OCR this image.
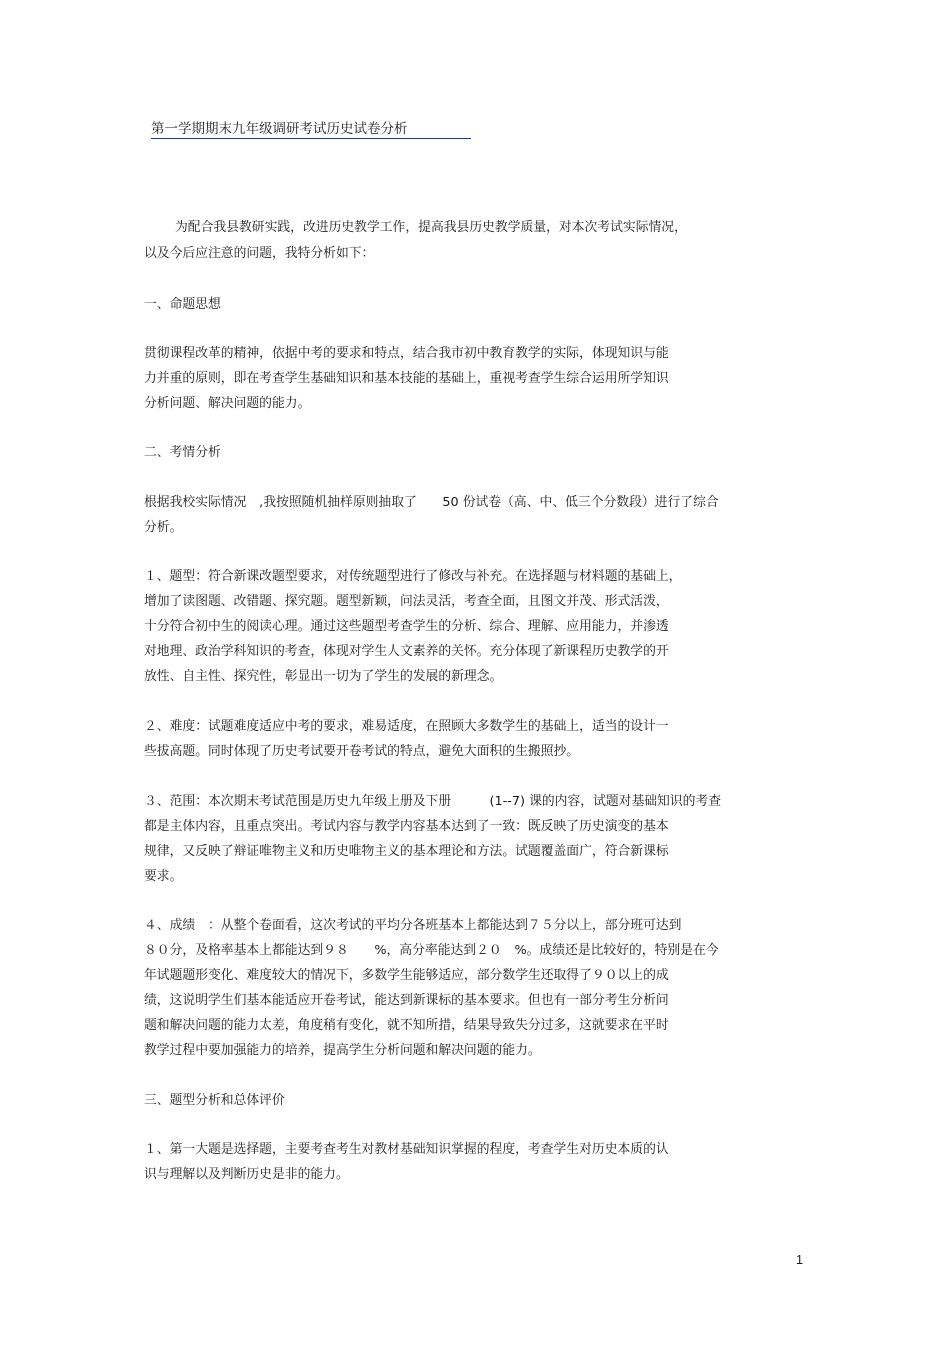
第一学期期末九年级调研考试历史试卷分析
为配合我县教研实践，改进历史教学工作，提高我县历史教学质量，对本次考试实际情况，
以及今后应注意的问题，我特分析如下：
一、命题思想
贯彻课程改革的精神，依据中考的要求和特点，结合我市初中教育教学的实际，体现知识与能
力并重的原则，即在考查学生基础知识和基本技能的基础上，重视考查学生综合运用所学知识
分析问题、解决问题的能力。
二、考情分析
根据我校实际情况　,我按照随机抽样原则抽取了　　50 份试卷（高、中、低三个分数段）进行了综合
分析。
１、题型：符合新课改题型要求，对传统题型进行了修改与补充。在选择题与材料题的基础上，
增加了读图题、改错题、探究题。题型新颖，问法灵活，考查全面，且图文并茂、形式活泼，
十分符合初中生的阅读心理。通过这些题型考查学生的分析、综合、理解、应用能力，并渗透
对地理、政治学科知识的考查，体现对学生人文素养的关怀。充分体现了新课程历史教学的开
放性、自主性、探究性，彰显出一切为了学生的发展的新理念。
２、难度：试题难度适应中考的要求，难易适度，在照顾大多数学生的基础上，适当的设计一
些拔高题。同时体现了历史考试要开卷考试的特点，避免大面积的生搬照抄。
３、范围：本次期末考试范围是历史九年级上册及下册　　　(1--7) 课的内容，试题对基础知识的考查
都是主体内容，且重点突出。考试内容与教学内容基本达到了一致：既反映了历史演变的基本
规律，又反映了辩证唯物主义和历史唯物主义的基本理论和方法。试题覆盖面广，符合新课标
要求。
４、成绩　：从整个卷面看，这次考试的平均分各班基本上都能达到７５分以上，部分班可达到
８０分，及格率基本上都能达到９８　　%，高分率能达到２０　%。成绩还是比较好的，特别是在今
年试题题形变化、难度较大的情况下，多数学生能够适应，部分数学生还取得了９０以上的成
绩，这说明学生们基本能适应开卷考试，能达到新课标的基本要求。但也有一部分考生分析问
题和解决问题的能力太差，角度稍有变化，就不知所措，结果导致失分过多，这就要求在平时
教学过程中要加强能力的培养，提高学生分析问题和解决问题的能力。
三、题型分析和总体评价
１、第一大题是选择题，主要考查考生对教材基础知识掌握的程度，考查学生对历史本质的认
识与理解以及判断历史是非的能力。
1
